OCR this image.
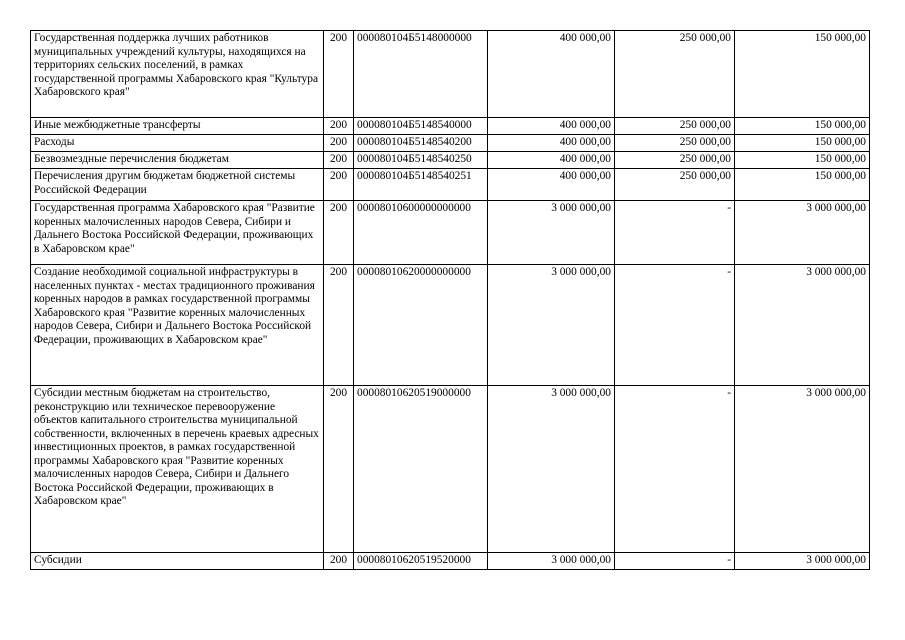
Государственная поддержка лучших работников муниципальных учреждений культуры, находящихся на территориях сельских поселений, в рамках государственной программы Хабаровского края "Культура Хабаровского края"	200	000080104Б5148000000	400 000,00	250 000,00	150 000,00
Иные межбюджетные трансферты	200	000080104Б5148540000	400 000,00	250 000,00	150 000,00
Расходы	200	000080104Б5148540200	400 000,00	250 000,00	150 000,00
Безвозмездные перечисления бюджетам	200	000080104Б5148540250	400 000,00	250 000,00	150 000,00
Перечисления другим бюджетам бюджетной системы Российской Федерации	200	000080104Б5148540251	400 000,00	250 000,00	150 000,00
Государственная программа Хабаровского края "Развитие коренных малочисленных народов Севера, Сибири и Дальнего Востока Российской Федерации, проживающих в Хабаровском крае"	200	00008010600000000000	3 000 000,00	-	3 000 000,00
Создание необходимой социальной инфраструктуры в населенных пунктах - местах традиционного проживания коренных народов в рамках государственной программы Хабаровского края "Развитие коренных малочисленных народов Севера, Сибири и Дальнего Востока Российской Федерации, проживающих в Хабаровском крае"	200	00008010620000000000	3 000 000,00	-	3 000 000,00
Субсидии местным бюджетам на строительство, реконструкцию или техническое перевооружение объектов капитального строительства муниципальной собственности, включенных в перечень краевых адресных инвестиционных проектов, в рамках государственной программы Хабаровского края "Развитие коренных малочисленных народов Севера, Сибири и Дальнего Востока Российской Федерации, проживающих в Хабаровском крае"	200	00008010620519000000	3 000 000,00	-	3 000 000,00
Субсидии	200	00008010620519520000	3 000 000,00	-	3 000 000,00
